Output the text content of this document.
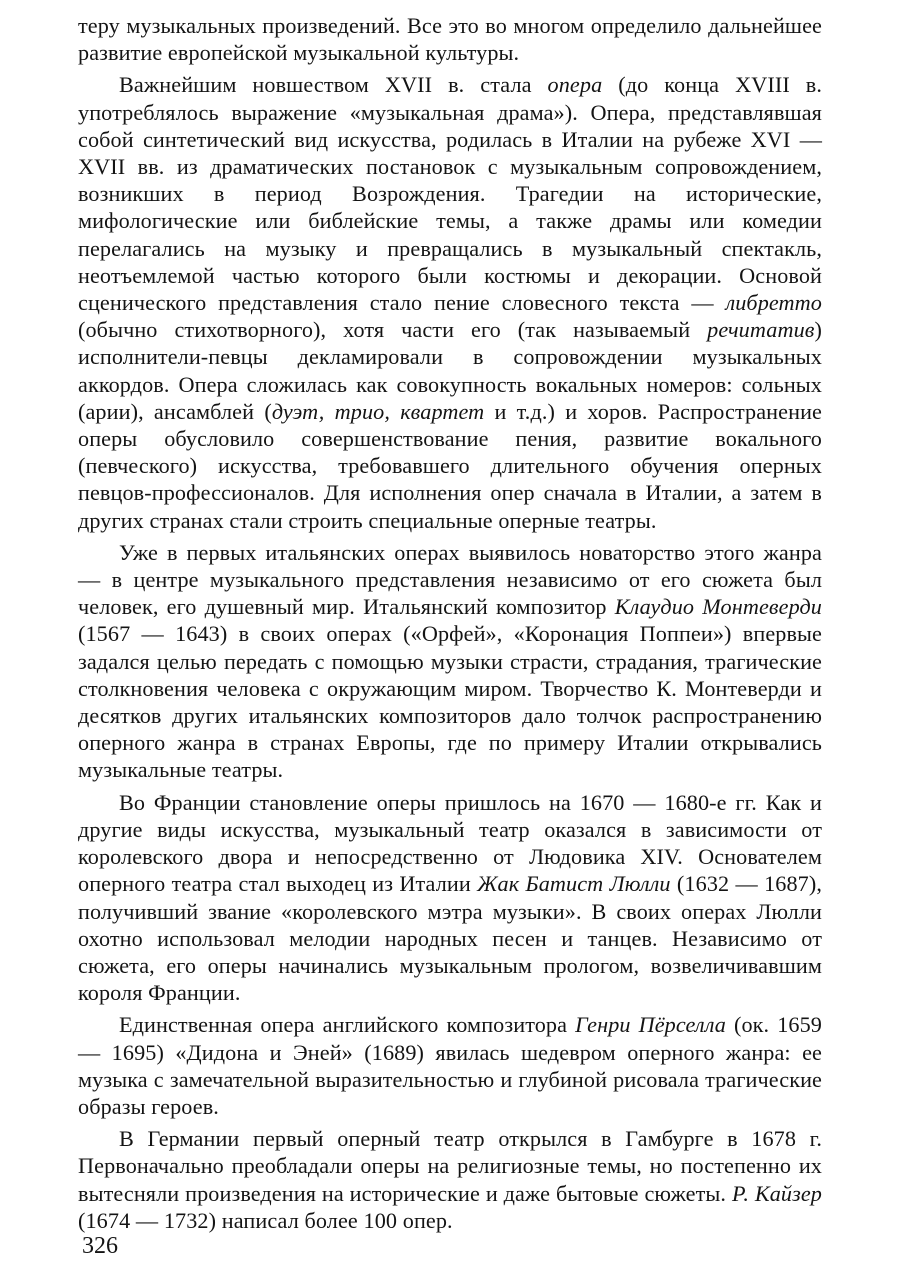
теру музыкальных произведений. Все это во многом определило дальнейшее развитие европейской музыкальной культуры.

Важнейшим новшеством XVII в. стала опера (до конца XVIII в. употреблялось выражение «музыкальная драма»). Опера, представлявшая собой синтетический вид искусства, родилась в Италии на рубеже XVI — XVII вв. из драматических постановок с музыкальным сопровождением, возникших в период Возрождения. Трагедии на исторические, мифологические или библейские темы, а также драмы или комедии перелагались на музыку и превращались в музыкальный спектакль, неотъемлемой частью которого были костюмы и декорации. Основой сценического представления стало пение словесного текста — либретто (обычно стихотворного), хотя части его (так называемый речитатив) исполнители-певцы декламировали в сопровождении музыкальных аккордов. Опера сложилась как совокупность вокальных номеров: сольных (арии), ансамблей (дуэт, трио, квартет и т.д.) и хоров. Распространение оперы обусловило совершенствование пения, развитие вокального (певческого) искусства, требовавшего длительного обучения оперных певцов-профессионалов. Для исполнения опер сначала в Италии, а затем в других странах стали строить специальные оперные театры.

Уже в первых итальянских операх выявилось новаторство этого жанра — в центре музыкального представления независимо от его сюжета был человек, его душевный мир. Итальянский композитор Клаудио Монтеверди (1567 — 1643) в своих операх («Орфей», «Коронация Поппеи») впервые задался целью передать с помощью музыки страсти, страдания, трагические столкновения человека с окружающим миром. Творчество К. Монтеверди и десятков других итальянских композиторов дало толчок распространению оперного жанра в странах Европы, где по примеру Италии открывались музыкальные театры.

Во Франции становление оперы пришлось на 1670 — 1680-е гг. Как и другие виды искусства, музыкальный театр оказался в зависимости от королевского двора и непосредственно от Людовика XIV. Основателем оперного театра стал выходец из Италии Жак Батист Люлли (1632 — 1687), получивший звание «королевского мэтра музыки». В своих операх Люлли охотно использовал мелодии народных песен и танцев. Независимо от сюжета, его оперы начинались музыкальным прологом, возвеличивавшим короля Франции.

Единственная опера английского композитора Генри Пёрселла (ок. 1659 — 1695) «Дидона и Эней» (1689) явилась шедевром оперного жанра: ее музыка с замечательной выразительностью и глубиной рисовала трагические образы героев.

В Германии первый оперный театр открылся в Гамбурге в 1678 г. Первоначально преобладали оперы на религиозные темы, но постепенно их вытесняли произведения на исторические и даже бытовые сюжеты. Р. Кайзер (1674 — 1732) написал более 100 опер.

326
